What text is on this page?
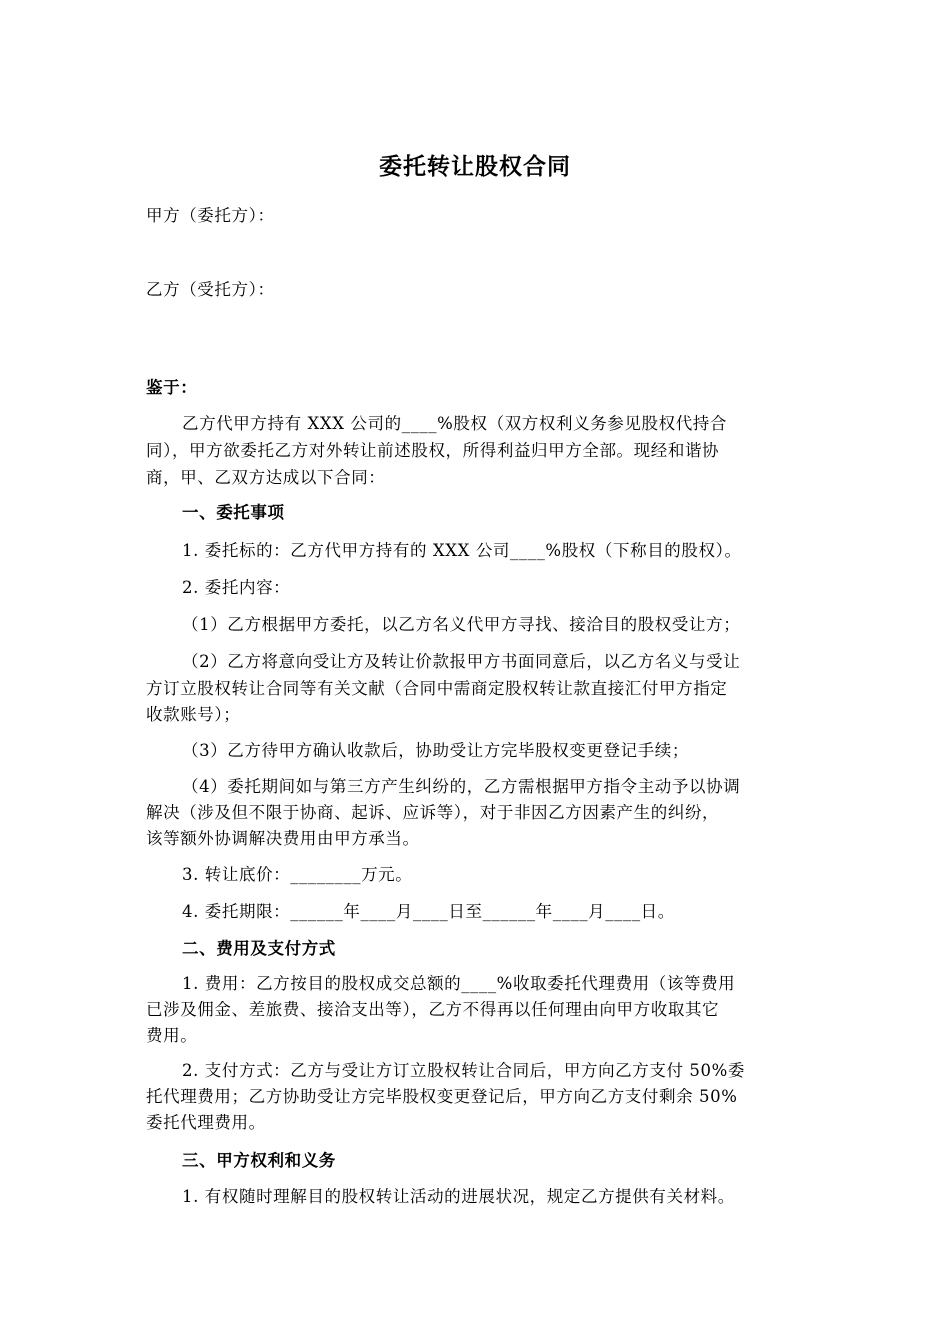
委托转让股权合同
甲方（委托方）：
乙方（受托方）：
鉴于：
乙方代甲方持有 XXX 公司的____%股权（双方权利义务参见股权代持合
同），甲方欲委托乙方对外转让前述股权，所得利益归甲方全部。现经和谐协
商，甲、乙双方达成以下合同：
一、委托事项
1. 委托标的：乙方代甲方持有的 XXX 公司____%股权（下称目的股权）。
2. 委托内容：
（1）乙方根据甲方委托，以乙方名义代甲方寻找、接洽目的股权受让方；
（2）乙方将意向受让方及转让价款报甲方书面同意后，以乙方名义与受让
方订立股权转让合同等有关文献（合同中需商定股权转让款直接汇付甲方指定
收款账号）；
（3）乙方待甲方确认收款后，协助受让方完毕股权变更登记手续；
（4）委托期间如与第三方产生纠纷的，乙方需根据甲方指令主动予以协调
解决（涉及但不限于协商、起诉、应诉等），对于非因乙方因素产生的纠纷，
该等额外协调解决费用由甲方承当。
3. 转让底价：________万元。
4. 委托期限：______年____月____日至______年____月____日。
二、费用及支付方式
1. 费用：乙方按目的股权成交总额的____%收取委托代理费用（该等费用
已涉及佣金、差旅费、接洽支出等），乙方不得再以任何理由向甲方收取其它
费用。
2. 支付方式：乙方与受让方订立股权转让合同后，甲方向乙方支付 50%委
托代理费用；乙方协助受让方完毕股权变更登记后，甲方向乙方支付剩余 50%
委托代理费用。
三、甲方权利和义务
1. 有权随时理解目的股权转让活动的进展状况，规定乙方提供有关材料。
